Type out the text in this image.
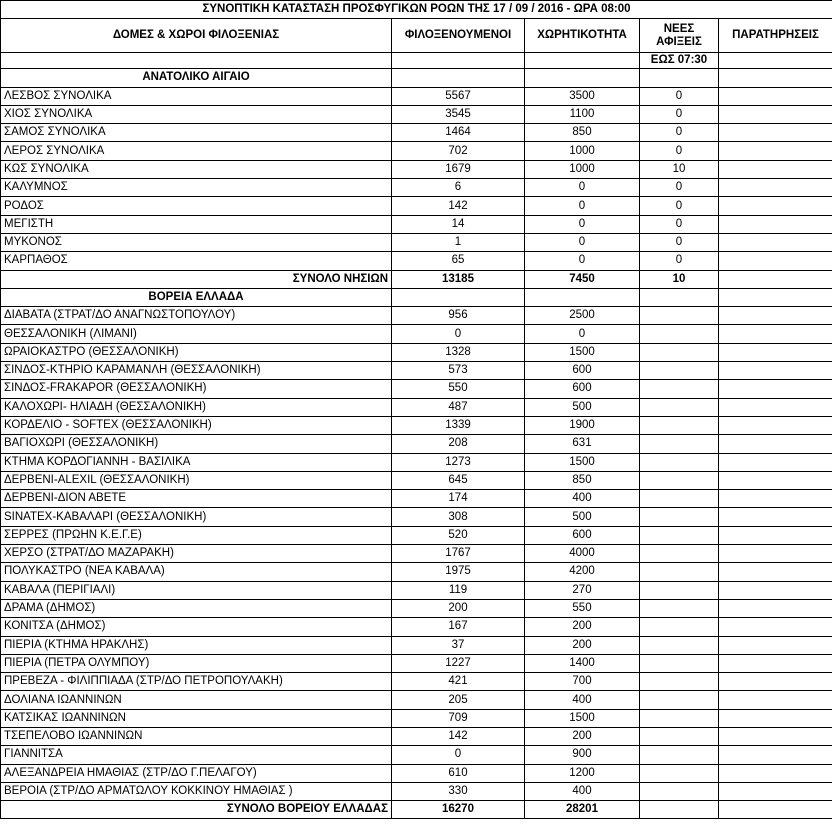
ΣΥΝΟΠΤΙΚΗ ΚΑΤΑΣΤΑΣΗ ΠΡΟΣΦΥΓΙΚΩΝ ΡΟΩΝ ΤΗΣ 17 / 09 / 2016 - ΩΡΑ 08:00				
ΔΟΜΕΣ & ΧΩΡΟΙ ΦΙΛΟΞΕΝΙΑΣ	ΦΙΛΟΞΕΝΟΥΜΕΝΟΙ	ΧΩΡΗΤΙΚΟΤΗΤΑ	ΝΕΕΣ ΑΦΙΞΕΙΣ	ΠΑΡΑΤΗΡΗΣΕΙΣ
			ΕΩΣ 07:30	
ΑΝΑΤΟΛΙΚΟ ΑΙΓΑΙΟ				
ΛΕΣΒΟΣ ΣΥΝΟΛΙΚΑ	5567	3500	0	
ΧΙΟΣ ΣΥΝΟΛΙΚΑ	3545	1100	0	
ΣΑΜΟΣ ΣΥΝΟΛΙΚΑ	1464	850	0	
ΛΕΡΟΣ ΣΥΝΟΛΙΚΑ	702	1000	0	
ΚΩΣ ΣΥΝΟΛΙΚΑ	1679	1000	10	
ΚΑΛΥΜΝΟΣ	6	0	0	
ΡΟΔΟΣ	142	0	0	
ΜΕΓΙΣΤΗ	14	0	0	
ΜΥΚΟΝΟΣ	1	0	0	
ΚΑΡΠΑΘΟΣ	65	0	0	
ΣΥΝΟΛΟ ΝΗΣΙΩΝ	13185	7450	10	
ΒΟΡΕΙΑ ΕΛΛΑΔΑ				
ΔΙΑΒΑΤΑ (ΣΤΡΑΤ/ΔΟ ΑΝΑΓΝΩΣΤΟΠΟΥΛΟΥ)	956	2500		
ΘΕΣΣΑΛΟΝΙΚΗ (ΛΙΜΑΝΙ)	0	0		
ΩΡΑΙΟΚΑΣΤΡΟ (ΘΕΣΣΑΛΟΝΙΚΗ)	1328	1500		
ΣΙΝΔΟΣ-ΚΤΗΡΙΟ ΚΑΡΑΜΑΝΛΗ (ΘΕΣΣΑΛΟΝΙΚΗ)	573	600		
ΣΙΝΔΟΣ-FRAKAPOR (ΘΕΣΣΑΛΟΝΙΚΗ)	550	600		
ΚΑΛΟΧΩΡΙ- ΗΛΙΑΔΗ (ΘΕΣΣΑΛΟΝΙΚΗ)	487	500		
ΚΟΡΔΕΛΙΟ - SOFTEX (ΘΕΣΣΑΛΟΝΙΚΗ)	1339	1900		
ΒΑΓΙΟΧΩΡΙ (ΘΕΣΣΑΛΟΝΙΚΗ)	208	631		
ΚΤΗΜΑ ΚΟΡΔΟΓΙΑΝΝΗ - ΒΑΣΙΛΙΚΑ	1273	1500		
ΔΕΡΒΕΝΙ-ALEXIL (ΘΕΣΣΑΛΟΝΙΚΗ)	645	850		
ΔΕΡΒΕΝΙ-ΔΙΟΝ ΑΒΕΤΕ	174	400		
SINATEX-ΚΑΒΑΛΑΡΙ (ΘΕΣΣΑΛΟΝΙΚΗ)	308	500		
ΣΕΡΡΕΣ (ΠΡΩΗΝ Κ.Ε.Γ.Ε)	520	600		
ΧΕΡΣΟ (ΣΤΡΑΤ/ΔΟ ΜΑΖΑΡΑΚΗ)	1767	4000		
ΠΟΛΥΚΑΣΤΡΟ (ΝΕΑ ΚΑΒΑΛΑ)	1975	4200		
ΚΑΒΑΛΑ (ΠΕΡΙΓΙΑΛΙ)	119	270		
ΔΡΑΜΑ (ΔΗΜΟΣ)	200	550		
ΚΟΝΙΤΣΑ (ΔΗΜΟΣ)	167	200		
ΠΙΕΡΙΑ (ΚΤΗΜΑ ΗΡΑΚΛΗΣ)	37	200		
ΠΙΕΡΙΑ (ΠΕΤΡΑ ΟΛΥΜΠΟΥ)	1227	1400		
ΠΡΕΒΕΖΑ - ΦΙΛΙΠΠΙΑΔΑ (ΣΤΡ/ΔΟ ΠΕΤΡΟΠΟΥΛΑΚΗ)	421	700		
ΔΟΛΙΑΝΑ ΙΩΑΝΝΙΝΩΝ	205	400		
ΚΑΤΣΙΚΑΣ ΙΩΑΝΝΙΝΩΝ	709	1500		
ΤΣΕΠΕΛΟΒΟ ΙΩΑΝΝΙΝΩΝ	142	200		
ΓΙΑΝΝΙΤΣΑ	0	900		
ΑΛΕΞΑΝΔΡΕΙΑ ΗΜΑΘΙΑΣ (ΣΤΡ/ΔΟ Γ.ΠΕΛΑΓΟΥ)	610	1200		
ΒΕΡΟΙΑ (ΣΤΡ/ΔΟ ΑΡΜΑΤΩΛΟΥ ΚΟΚΚΙΝΟΥ ΗΜΑΘΙΑΣ )	330	400		
ΣΥΝΟΛΟ ΒΟΡΕΙΟΥ ΕΛΛΑΔΑΣ	16270	28201		
